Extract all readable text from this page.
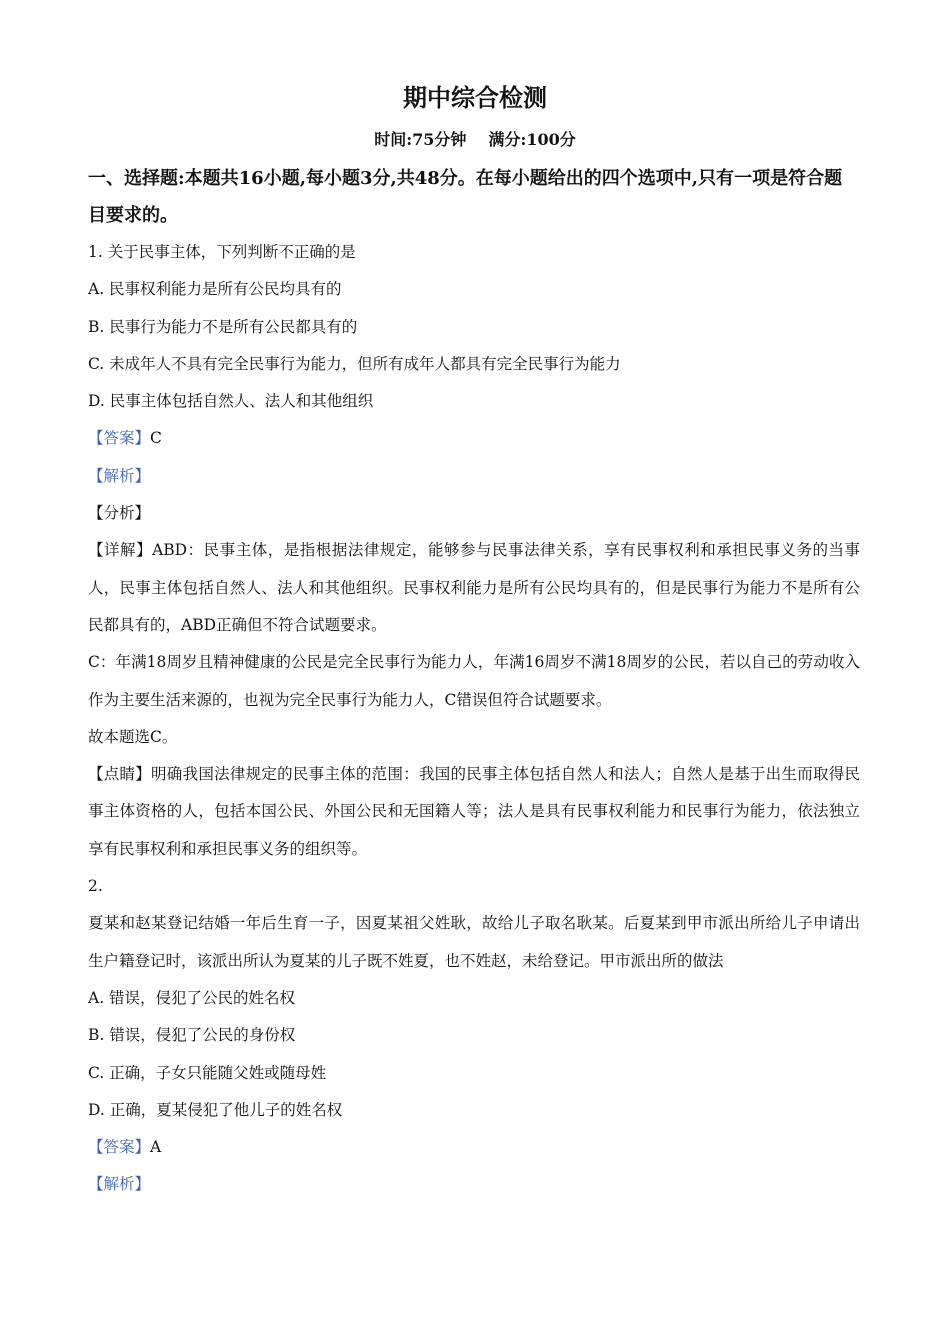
期中综合检测
时间:75分钟 满分:100分
一、选择题:本题共16小题,每小题3分,共48分。在每小题给出的四个选项中,只有一项是符合题目要求的。

1. 关于民事主体，下列判断不正确的是

A. 民事权利能力是所有公民均具有的

B. 民事行为能力不是所有公民都具有的

C. 未成年人不具有完全民事行为能力，但所有成年人都具有完全民事行为能力

D. 民事主体包括自然人、法人和其他组织

【答案】C

【解析】

【分析】

【详解】ABD：民事主体，是指根据法律规定，能够参与民事法律关系，享有民事权利和承担民事义务的当事人，民事主体包括自然人、法人和其他组织。民事权利能力是所有公民均具有的，但是民事行为能力不是所有公民都具有的，ABD正确但不符合试题要求。

C：年满18周岁且精神健康的公民是完全民事行为能力人，年满16周岁不满18周岁的公民，若以自己的劳动收入作为主要生活来源的，也视为完全民事行为能力人，C错误但符合试题要求。

故本题选C。

【点睛】明确我国法律规定的民事主体的范围：我国的民事主体包括自然人和法人；自然人是基于出生而取得民事主体资格的人，包括本国公民、外国公民和无国籍人等；法人是具有民事权利能力和民事行为能力，依法独立享有民事权利和承担民事义务的组织等。

2.

夏某和赵某登记结婚一年后生育一子，因夏某祖父姓耿，故给儿子取名耿某。后夏某到甲市派出所给儿子申请出生户籍登记时，该派出所认为夏某的儿子既不姓夏，也不姓赵，未给登记。甲市派出所的做法

A. 错误，侵犯了公民的姓名权

B. 错误，侵犯了公民的身份权

C. 正确，子女只能随父姓或随母姓

D. 正确，夏某侵犯了他儿子的姓名权

【答案】A

【解析】
